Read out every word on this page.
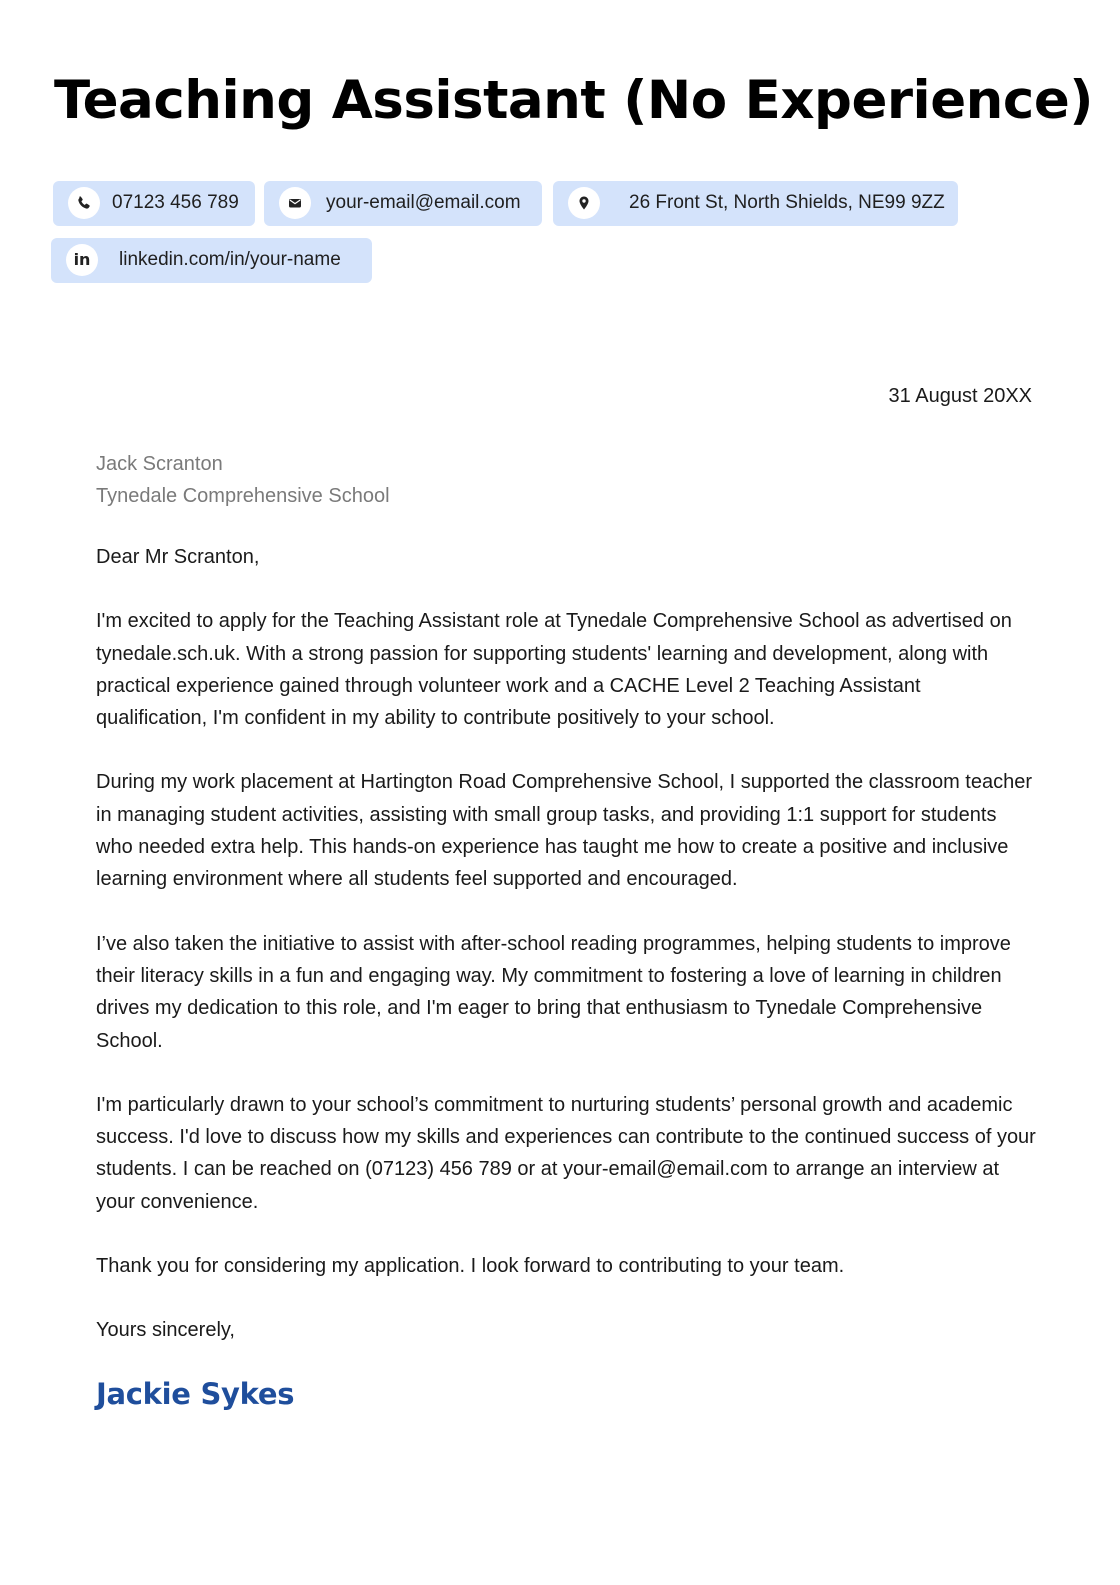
Teaching Assistant (No Experience)
07123 456 789	your-email@email.com	26 Front St, North Shields, NE99 9ZZ
in linkedin.com/in/your-name
31 August 20XX
Jack Scranton
Tynedale Comprehensive School

Dear Mr Scranton,

I'm excited to apply for the Teaching Assistant role at Tynedale Comprehensive School as advertised on tynedale.sch.uk. With a strong passion for supporting students' learning and development, along with practical experience gained through volunteer work and a CACHE Level 2 Teaching Assistant qualification, I'm confident in my ability to contribute positively to your school.

During my work placement at Hartington Road Comprehensive School, I supported the classroom teacher in managing student activities, assisting with small group tasks, and providing 1:1 support for students who needed extra help. This hands-on experience has taught me how to create a positive and inclusive learning environment where all students feel supported and encouraged.

I’ve also taken the initiative to assist with after-school reading programmes, helping students to improve their literacy skills in a fun and engaging way. My commitment to fostering a love of learning in children drives my dedication to this role, and I'm eager to bring that enthusiasm to Tynedale Comprehensive School.

I'm particularly drawn to your school’s commitment to nurturing students’ personal growth and academic success. I'd love to discuss how my skills and experiences can contribute to the continued success of your students. I can be reached on (07123) 456 789 or at your-email@email.com to arrange an interview at your convenience.

Thank you for considering my application. I look forward to contributing to your team.

Yours sincerely,

Jackie Sykes
